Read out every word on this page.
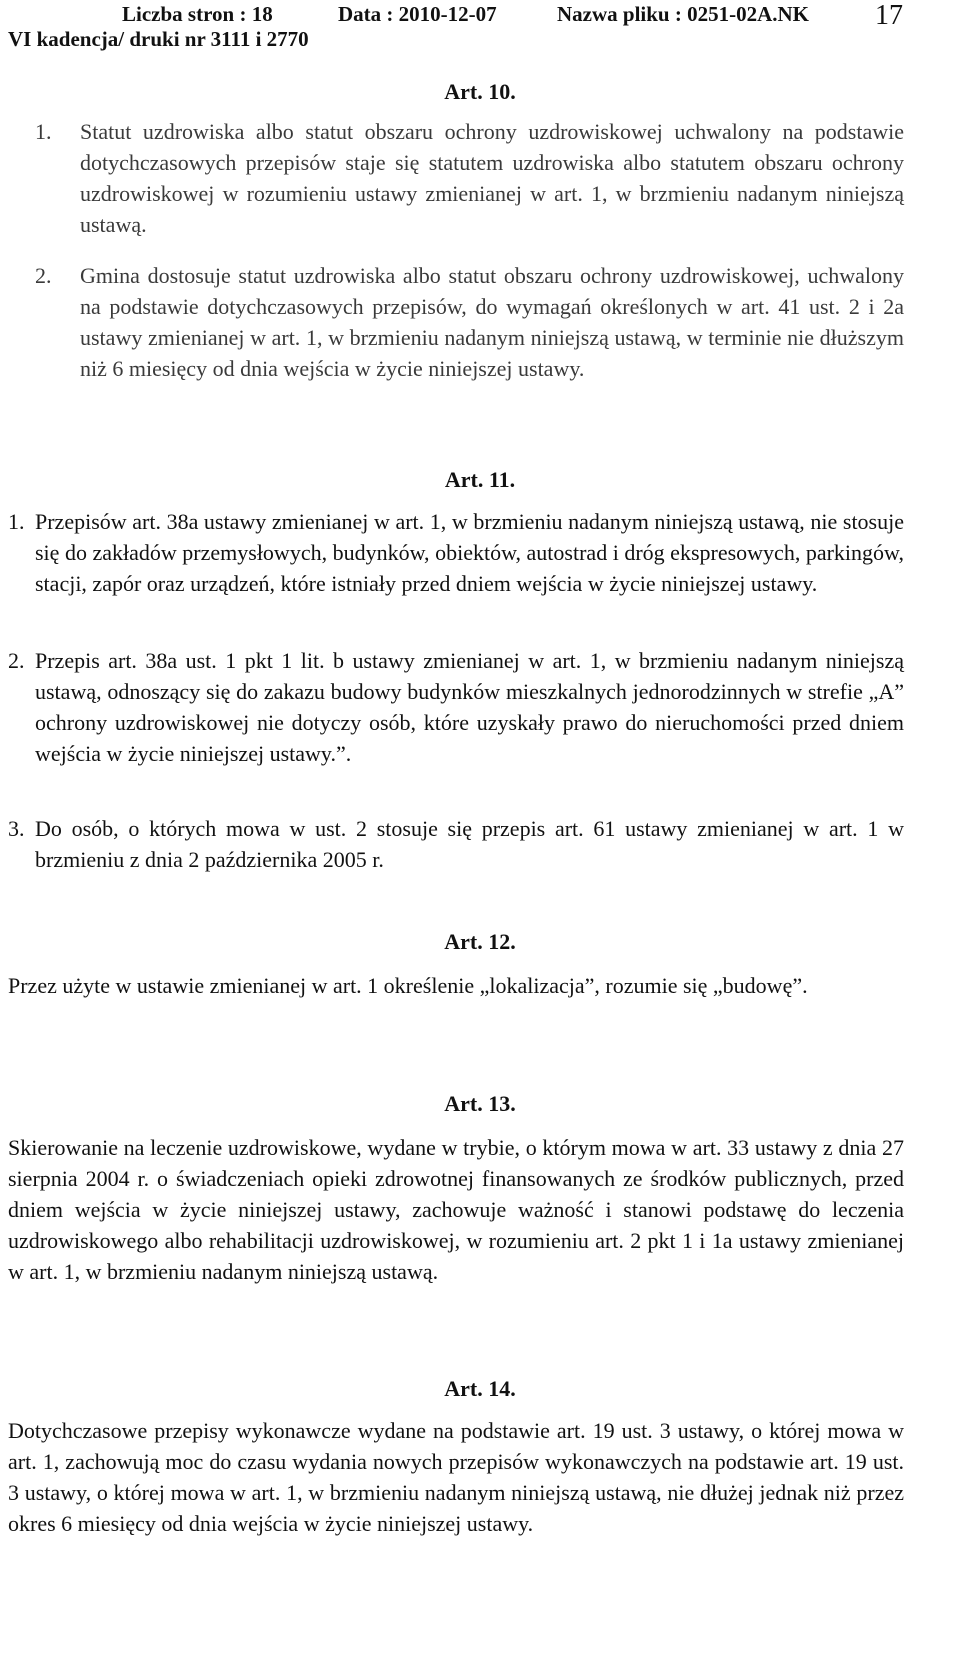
Liczba stron : 18	Data : 2010-12-07	Nazwa pliku : 0251-02A.NK
VI kadencja/ druki nr 3111 i 2770
17
Art. 10.
1. Statut uzdrowiska albo statut obszaru ochrony uzdrowiskowej uchwalony na podstawie dotychczasowych przepisów staje się statutem uzdrowiska albo statutem obszaru ochrony uzdrowiskowej w rozumieniu ustawy zmienianej w art. 1, w brzmieniu nadanym niniejszą ustawą.
2. Gmina dostosuje statut uzdrowiska albo statut obszaru ochrony uzdrowiskowej, uchwalony na podstawie dotychczasowych przepisów, do wymagań określonych w art. 41 ust. 2 i 2a ustawy zmienianej w art. 1, w brzmieniu nadanym niniejszą ustawą, w terminie nie dłuższym niż 6 miesięcy od dnia wejścia w życie niniejszej ustawy.
Art. 11.
1. Przepisów art. 38a ustawy zmienianej w art. 1, w brzmieniu nadanym niniejszą ustawą, nie stosuje się do zakładów przemysłowych, budynków, obiektów, autostrad i dróg ekspresowych, parkingów, stacji, zapór oraz urządzeń, które istniały przed dniem wejścia w życie niniejszej ustawy.
2. Przepis art. 38a ust. 1 pkt 1 lit. b ustawy zmienianej w art. 1, w brzmieniu nadanym niniejszą ustawą, odnoszący się do zakazu budowy budynków mieszkalnych jednorodzinnych w strefie „A” ochrony uzdrowiskowej nie dotyczy osób, które uzyskały prawo do nieruchomości przed dniem wejścia w życie niniejszej ustawy.”.
3. Do osób, o których mowa w ust. 2 stosuje się przepis art. 61 ustawy zmienianej w art. 1 w brzmieniu z dnia 2 października 2005 r.
Art. 12.
Przez użyte w ustawie zmienianej w art. 1 określenie „lokalizacja”, rozumie się „budowę”.
Art. 13.
Skierowanie na leczenie uzdrowiskowe, wydane w trybie, o którym mowa w art. 33 ustawy z dnia 27 sierpnia 2004 r. o świadczeniach opieki zdrowotnej finansowanych ze środków publicznych, przed dniem wejścia w życie niniejszej ustawy, zachowuje ważność i stanowi podstawę do leczenia uzdrowiskowego albo rehabilitacji uzdrowiskowej, w rozumieniu art. 2 pkt 1 i 1a ustawy zmienianej w art. 1, w brzmieniu nadanym niniejszą ustawą.
Art. 14.
Dotychczasowe przepisy wykonawcze wydane na podstawie art. 19 ust. 3 ustawy, o której mowa w art. 1, zachowują moc do czasu wydania nowych przepisów wykonawczych na podstawie art. 19 ust. 3 ustawy, o której mowa w art. 1, w brzmieniu nadanym niniejszą ustawą, nie dłużej jednak niż przez okres 6 miesięcy od dnia wejścia w życie niniejszej ustawy.
